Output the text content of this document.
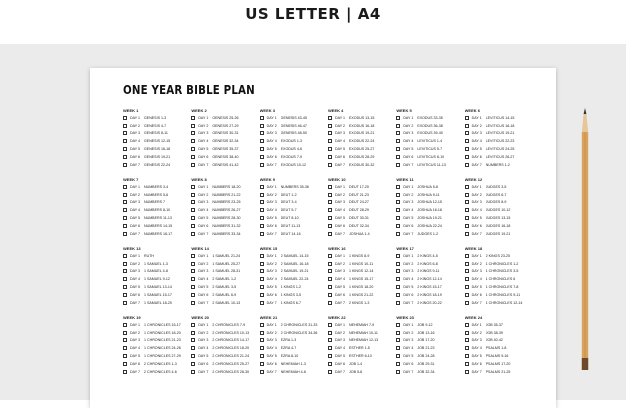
US LETTER | A4
ONE YEAR BIBLE PLAN
WEEK 1
DAY 1	GENESIS 1-3
DAY 2	GENESIS 4-7
DAY 3	GENESIS 8-11
DAY 4	GENESIS 12-15
DAY 5	GENESIS 16-18
DAY 6	GENESIS 19-21
DAY 7	GENESIS 22-24
WEEK 2
DAY 1	GENESIS 25-26
DAY 2	GENESIS 27-29
DAY 3	GENESIS 30-31
DAY 4	GENESIS 32-34
DAY 5	GENESIS 35-37
DAY 6	GENESIS 38-40
DAY 7	GENESIS 41-42
WEEK 3
DAY 1	GENESIS 43-45
DAY 2	GENESIS 46-47
DAY 3	GENESIS 48-50
DAY 4	EXODUS 1-3
DAY 5	EXODUS 4-6
DAY 6	EXODUS 7-9
DAY 7	EXODUS 10-12
WEEK 4
DAY 1	EXODUS 13-15
DAY 2	EXODUS 16-18
DAY 3	EXODUS 19-21
DAY 4	EXODUS 22-24
DAY 5	EXODUS 25-27
DAY 6	EXODUS 28-29
DAY 7	EXODUS 30-32
WEEK 5
DAY 1	EXODUS 33-35
DAY 2	EXODUS 36-38
DAY 3	EXODUS 39-40
DAY 4	LEVITICUS 1-4
DAY 5	LEVITICUS 5-7
DAY 6	LEVITICUS 8-10
DAY 7	LEVITICUS 11-13
WEEK 6
DAY 1	LEVITICUS 14-15
DAY 2	LEVITICUS 16-18
DAY 3	LEVITICUS 19-21
DAY 4	LEVITICUS 22-23
DAY 5	LEVITICUS 24-25
DAY 6	LEVITICUS 26-27
DAY 7	NUMBERS 1-2
WEEK 7
DAY 1	NUMBERS 3-4
DAY 2	NUMBERS 5-6
DAY 3	NUMBERS 7
DAY 4	NUMBERS 8-10
DAY 5	NUMBERS 11-13
DAY 6	NUMBERS 14-15
DAY 7	NUMBERS 16-17
WEEK 8
DAY 1	NUMBERS 18-20
DAY 2	NUMBERS 21-22
DAY 3	NUMBERS 23-25
DAY 4	NUMBERS 26-27
DAY 5	NUMBERS 28-30
DAY 6	NUMBERS 31-32
DAY 7	NUMBERS 33-34
WEEK 9
DAY 1	NUMBERS 35-36
DAY 2	DEUT 1-2
DAY 3	DEUT 3-4
DAY 4	DEUT 5-7
DAY 5	DEUT 8-10
DAY 6	DEUT 11-13
DAY 7	DEUT 14-16
WEEK 10
DAY 1	DEUT 17-20
DAY 2	DEUT 21-23
DAY 3	DEUT 24-27
DAY 4	DEUT 28-29
DAY 5	DEUT 30-31
DAY 6	DEUT 32-34
DAY 7	JOSHUA 1-4
WEEK 11
DAY 1	JOSHUA 5-8
DAY 2	JOSHUA 9-11
DAY 3	JOSHUA 12-15
DAY 4	JOSHUA 16-18
DAY 5	JOSHUA 19-21
DAY 6	JOSHUA 22-24
DAY 7	JUDGES 1-2
WEEK 12
DAY 1	JUDGES 3-5
DAY 2	JUDGES 6-7
DAY 3	JUDGES 8-9
DAY 4	JUDGES 10-12
DAY 5	JUDGES 13-15
DAY 6	JUDGES 16-18
DAY 7	JUDGES 19-21
WEEK 13
DAY 1	RUTH
DAY 2	1 SAMUEL 1-3
DAY 3	1 SAMUEL 4-8
DAY 4	1 SAMUEL 9-12
DAY 5	1 SAMUEL 13-14
DAY 6	1 SAMUEL 15-17
DAY 7	1 SAMUEL 18-20
WEEK 14
DAY 1	1 SAMUEL 21-24
DAY 2	1 SAMUEL 25-27
DAY 3	1 SAMUEL 28-31
DAY 4	2 SAMUEL 1-2
DAY 5	2 SAMUEL 3-5
DAY 6	2 SAMUEL 6-9
DAY 7	2 SAMUEL 10-13
WEEK 15
DAY 1	2 SAMUEL 14-15
DAY 2	2 SAMUEL 16-18
DAY 3	2 SAMUEL 19-21
DAY 4	2 SAMUEL 22-24
DAY 5	1 KINGS 1-2
DAY 6	1 KINGS 3-5
DAY 7	1 KINGS 6-7
WEEK 16
DAY 1	1 KINGS 8-9
DAY 2	1 KINGS 10-11
DAY 3	1 KINGS 12-14
DAY 4	1 KINGS 15-17
DAY 5	1 KINGS 18-20
DAY 6	1 KINGS 21-22
DAY 7	2 KINGS 1-3
WEEK 17
DAY 1	2 KINGS 4-5
DAY 2	2 KINGS 6-8
DAY 3	2 KINGS 9-11
DAY 4	2 KINGS 12-14
DAY 5	2 KINGS 15-17
DAY 6	2 KINGS 18-19
DAY 7	2 KINGS 20-22
WEEK 18
DAY 1	2 KINGS 23-25
DAY 2	1 CHRONICLES 1-2
DAY 3	1 CHRONICLES 3-5
DAY 4	1 CHRONICLES 6
DAY 5	1 CHRONICLES 7-8
DAY 6	1 CHRONICLES 9-11
DAY 7	1 CHRONICLES 12-14
WEEK 19
DAY 1	1 CHRONICLES 15-17
DAY 2	1 CHRONICLES 18-20
DAY 3	1 CHRONICLES 21-23
DAY 4	1 CHRONICLES 24-26
DAY 5	1 CHRONICLES 27-29
DAY 6	2 CHRONICLES 1-3
DAY 7	2 CHRONICLES 4-6
WEEK 20
DAY 1	2 CHRONICLES 7-9
DAY 2	2 CHRONICLES 10-13
DAY 3	2 CHRONICLES 14-17
DAY 4	2 CHRONICLES 18-20
DAY 5	2 CHRONICLES 21-24
DAY 6	2 CHRONICLES 25-27
DAY 7	2 CHRONICLES 28-30
WEEK 21
DAY 1	2 CHRONICLES 31-33
DAY 2	2 CHRONICLES 34-36
DAY 3	EZRA 1-3
DAY 4	EZRA 4-7
DAY 5	EZRA 8-10
DAY 6	NEHEMIAH 1-3
DAY 7	NEHEMIAH 4-6
WEEK 22
DAY 1	NEHEMIAH 7-9
DAY 2	NEHEMIAH 10-11
DAY 3	NEHEMIAH 12-13
DAY 4	ESTHER 1-5
DAY 5	ESTHER 6-10
DAY 6	JOB 1-4
DAY 7	JOB 5-8
WEEK 23
DAY 1	JOB 9-12
DAY 2	JOB 13-16
DAY 3	JOB 17-20
DAY 4	JOB 21-23
DAY 5	JOB 24-28
DAY 6	JOB 29-31
DAY 7	JOB 32-34
WEEK 24
DAY 1	JOB 35-37
DAY 2	JOB 38-39
DAY 3	JOB 40-42
DAY 4	PSALMS 1-8
DAY 5	PSALMS 9-16
DAY 6	PSALMS 17-20
DAY 7	PSALMS 21-25
